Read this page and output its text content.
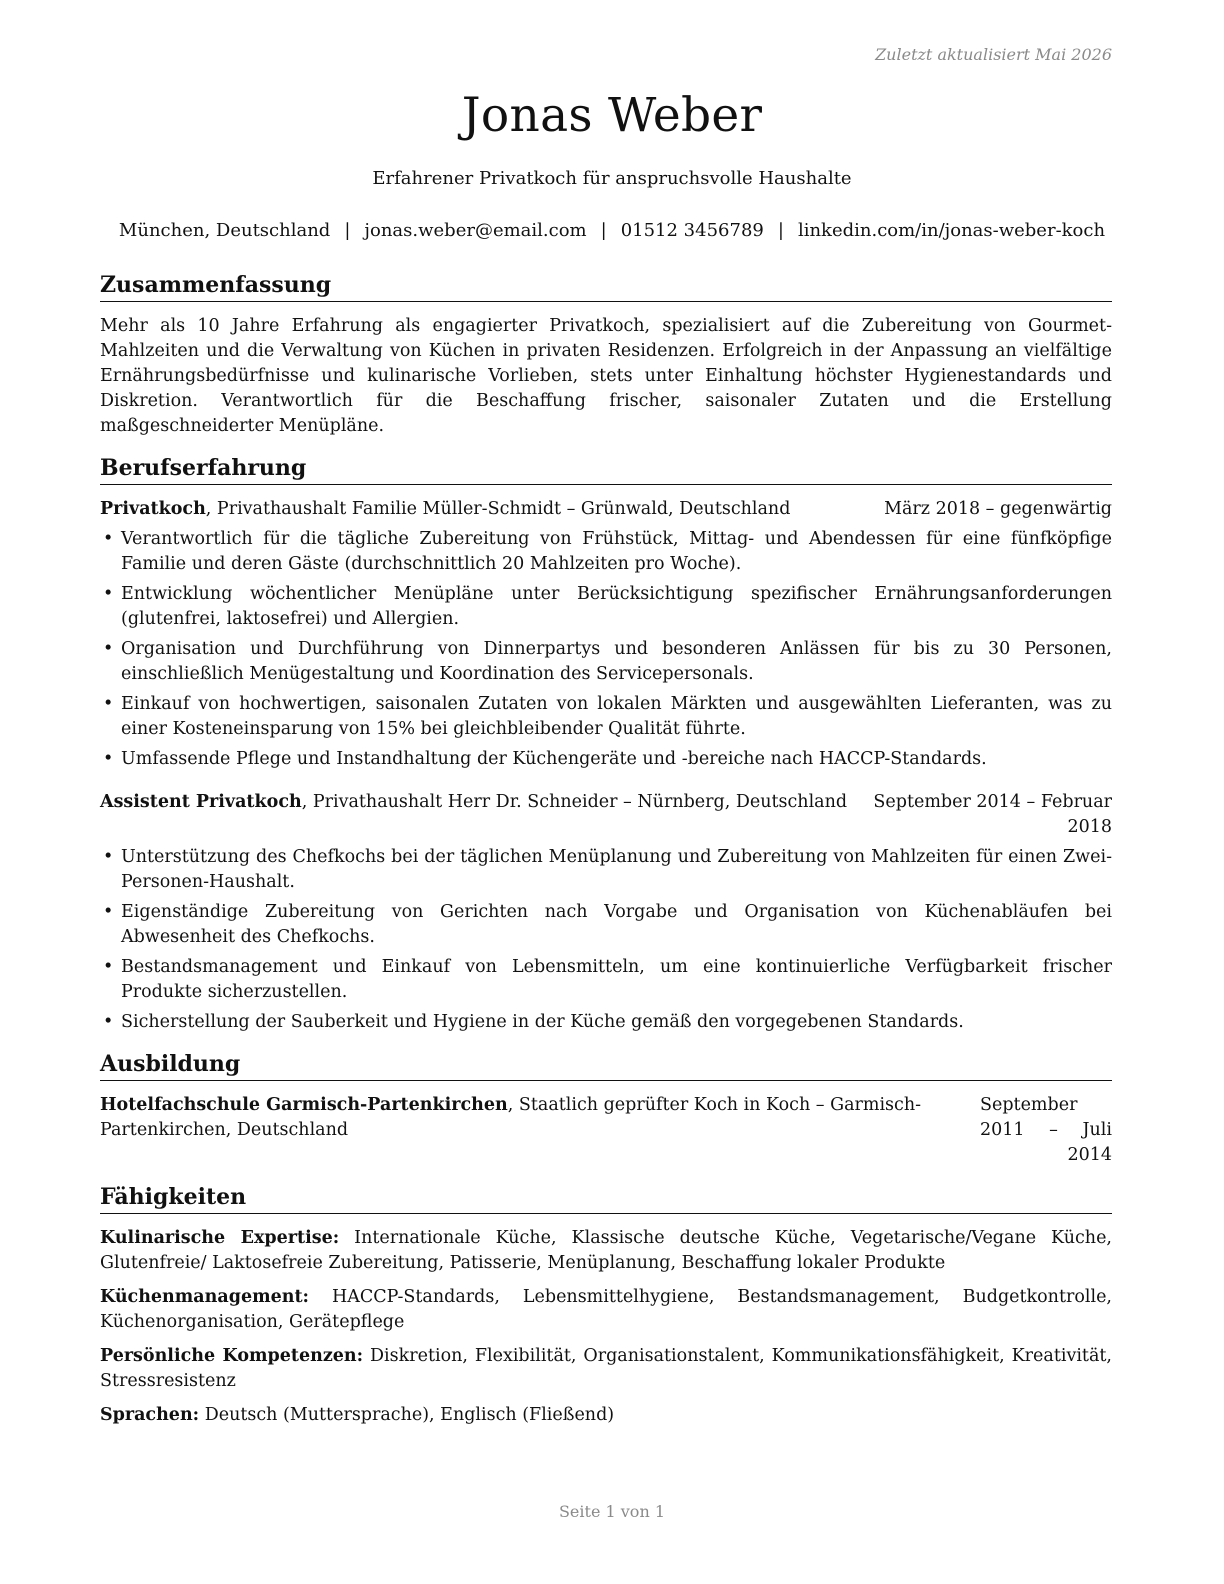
Zuletzt aktualisiert Mai 2026
Jonas Weber
Erfahrener Privatkoch für anspruchsvolle Haushalte
München, Deutschland | jonas.weber@email.com | 01512 3456789 | linkedin.com/in/jonas-weber-koch
Zusammenfassung

Mehr als 10 Jahre Erfahrung als engagierter Privatkoch, spezialisiert auf die Zubereitung von Gourmet-Mahlzeiten und die Verwaltung von Küchen in privaten Residenzen. Erfolgreich in der Anpassung an vielfältige Ernährungsbedürfnisse und kulinarische Vorlieben, stets unter Einhaltung höchster Hygienestandards und Diskretion. Verantwortlich für die Beschaffung frischer, saisonaler Zutaten und die Erstellung maßgeschneiderter Menüpläne.

Berufserfahrung
Privatkoch, Privathaushalt Familie Müller-Schmidt – Grünwald, Deutschland	März 2018 – gegenwärtig
• Verantwortlich für die tägliche Zubereitung von Frühstück, Mittag- und Abendessen für eine fünfköpfige Familie und deren Gäste (durchschnittlich 20 Mahlzeiten pro Woche).
• Entwicklung wöchentlicher Menüpläne unter Berücksichtigung spezifischer Ernährungsanforderungen (glutenfrei, laktosefrei) und Allergien.
• Organisation und Durchführung von Dinnerpartys und besonderen Anlässen für bis zu 30 Personen, einschließlich Menügestaltung und Koordination des Servicepersonals.
• Einkauf von hochwertigen, saisonalen Zutaten von lokalen Märkten und ausgewählten Lieferanten, was zu einer Kosteneinsparung von 15% bei gleichbleibender Qualität führte.
• Umfassende Pflege und Instandhaltung der Küchengeräte und -bereiche nach HACCP-Standards.
Assistent Privatkoch, Privathaushalt Herr Dr. Schneider – Nürnberg, Deutschland	September 2014 – Februar 2018
• Unterstützung des Chefkochs bei der täglichen Menüplanung und Zubereitung von Mahlzeiten für einen Zwei-Personen-Haushalt.
• Eigenständige Zubereitung von Gerichten nach Vorgabe und Organisation von Küchenabläufen bei Abwesenheit des Chefkochs.
• Bestandsmanagement und Einkauf von Lebensmitteln, um eine kontinuierliche Verfügbarkeit frischer Produkte sicherzustellen.
• Sicherstellung der Sauberkeit und Hygiene in der Küche gemäß den vorgegebenen Standards.
Ausbildung
Hotelfachschule Garmisch-Partenkirchen, Staatlich geprüfter Koch in Koch – Garmisch-Partenkirchen, Deutschland
September 2011 – Juli 2014
Fähigkeiten
Kulinarische Expertise: Internationale Küche, Klassische deutsche Küche, Vegetarische/Vegane Küche, Glutenfreie/ Laktosefreie Zubereitung, Patisserie, Menüplanung, Beschaffung lokaler Produkte
Küchenmanagement: HACCP-Standards, Lebensmittelhygiene, Bestandsmanagement, Budgetkontrolle, Küchenorganisation, Gerätepflege
Persönliche Kompetenzen: Diskretion, Flexibilität, Organisationstalent, Kommunikationsfähigkeit, Kreativität, Stressresistenz
Sprachen: Deutsch (Muttersprache), Englisch (Fließend)
Seite 1 von 1
